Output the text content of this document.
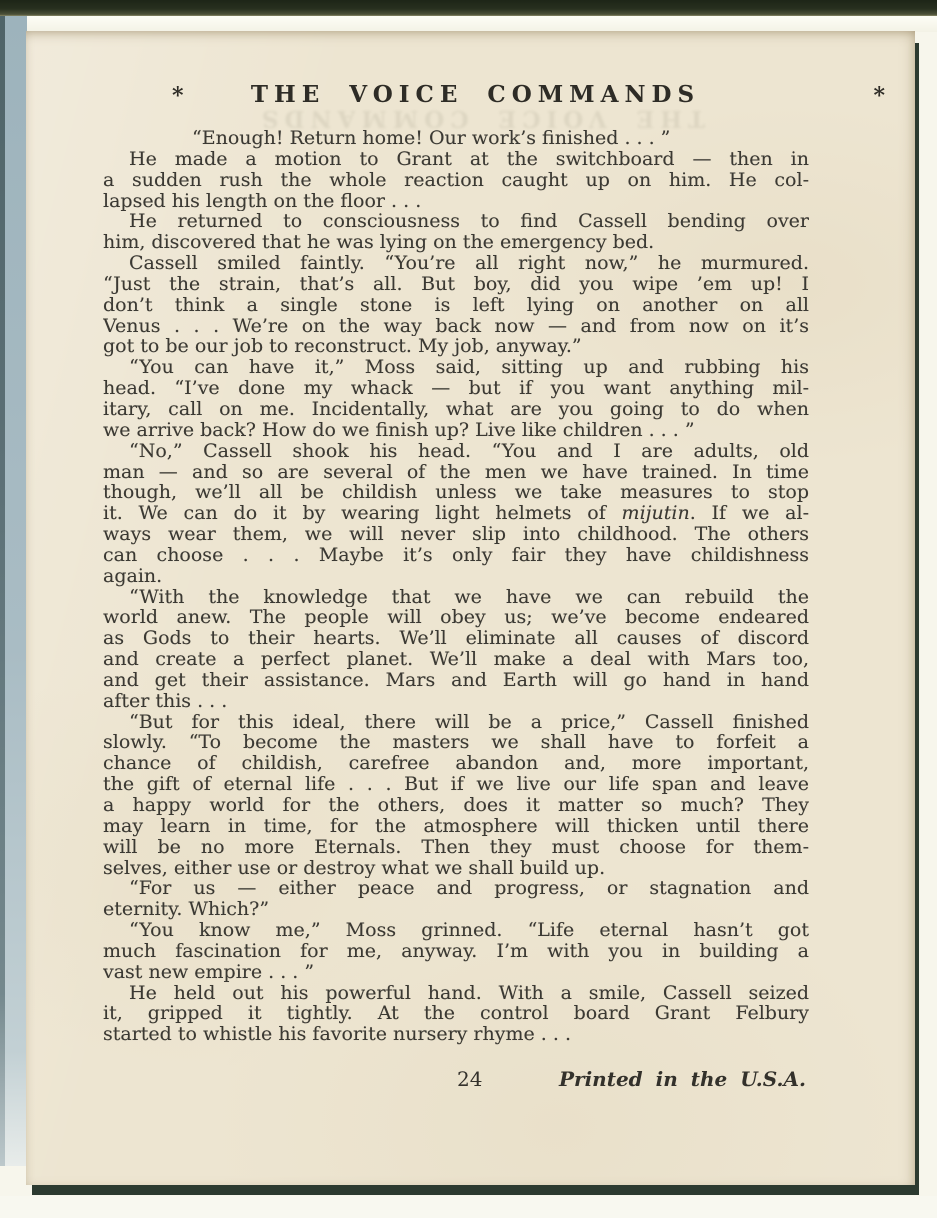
*	THE VOICE COMMANDS	*
THE VOICE COMMANDS
“Enough! Return home! Our work’s finished . . . ”
He made a motion to Grant at the switchboard — then in
a sudden rush the whole reaction caught up on him. He col-
lapsed his length on the floor . . .
He returned to consciousness to find Cassell bending over
him, discovered that he was lying on the emergency bed.
Cassell smiled faintly. “You’re all right now,” he murmured.
“Just the strain, that’s all. But boy, did you wipe ’em up! I
don’t think a single stone is left lying on another on all
Venus . . . We’re on the way back now — and from now on it’s
got to be our job to reconstruct. My job, anyway.”
“You can have it,” Moss said, sitting up and rubbing his
head. “I’ve done my whack — but if you want anything mil-
itary, call on me. Incidentally, what are you going to do when
we arrive back? How do we finish up? Live like children . . . ”
“No,” Cassell shook his head. “You and I are adults, old
man — and so are several of the men we have trained. In time
though, we’ll all be childish unless we take measures to stop
it. We can do it by wearing light helmets of mijutin. If we al-
ways wear them, we will never slip into childhood. The others
can choose . . . Maybe it’s only fair they have childishness
again.
“With the knowledge that we have we can rebuild the
world anew. The people will obey us; we’ve become endeared
as Gods to their hearts. We’ll eliminate all causes of discord
and create a perfect planet. We’ll make a deal with Mars too,
and get their assistance. Mars and Earth will go hand in hand
after this . . .
“But for this ideal, there will be a price,” Cassell finished
slowly. “To become the masters we shall have to forfeit a
chance of childish, carefree abandon and, more important,
the gift of eternal life . . . But if we live our life span and leave
a happy world for the others, does it matter so much? They
may learn in time, for the atmosphere will thicken until there
will be no more Eternals. Then they must choose for them-
selves, either use or destroy what we shall build up.
“For us — either peace and progress, or stagnation and
eternity. Which?”
“You know me,” Moss grinned. “Life eternal hasn’t got
much fascination for me, anyway. I’m with you in building a
vast new empire . . . ”
He held out his powerful hand. With a smile, Cassell seized
it, gripped it tightly. At the control board Grant Felbury
started to whistle his favorite nursery rhyme . . .
24	Printed in the U.S.A.
